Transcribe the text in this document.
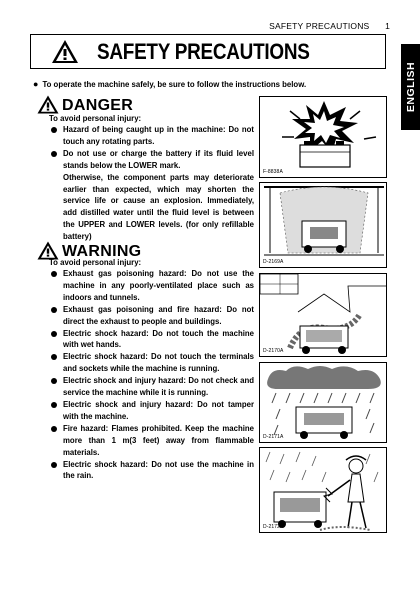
SAFETY PRECAUTIONS 1
SAFETY PRECAUTIONS
ENGLISH
● To operate the machine safely, be sure to follow the instructions below.
DANGER
To avoid personal injury:
Hazard of being caught up in the machine: Do not touch any rotating parts.
Do not use or charge the battery if its fluid level stands below the LOWER mark.
Otherwise, the component parts may deteriorate earlier than expected, which may shorten the service life or cause an explosion. Immediately, add distilled water until the fluid level is between the UPPER and LOWER levels. (for only refillable battery)
WARNING
To avoid personal injury:
Exhaust gas poisoning hazard: Do not use the machine in any poorly-ventilated place such as indoors and tunnels.
Exhaust gas poisoning and fire hazard: Do not direct the exhaust to people and buildings.
Electric shock hazard: Do not touch the machine with wet hands.
Electric shock hazard: Do not touch the terminals and sockets while the machine is running.
Electric shock and injury hazard: Do not check and service the machine while it is running.
Electric shock and injury hazard: Do not tamper with the machine.
Fire hazard: Flames prohibited. Keep the machine more than 1 m(3 feet) away from flammable materials.
Electric shock hazard: Do not use the machine in the rain.
F-8838A
D-2169A
D-2170A
D-2171A
D-2172A
